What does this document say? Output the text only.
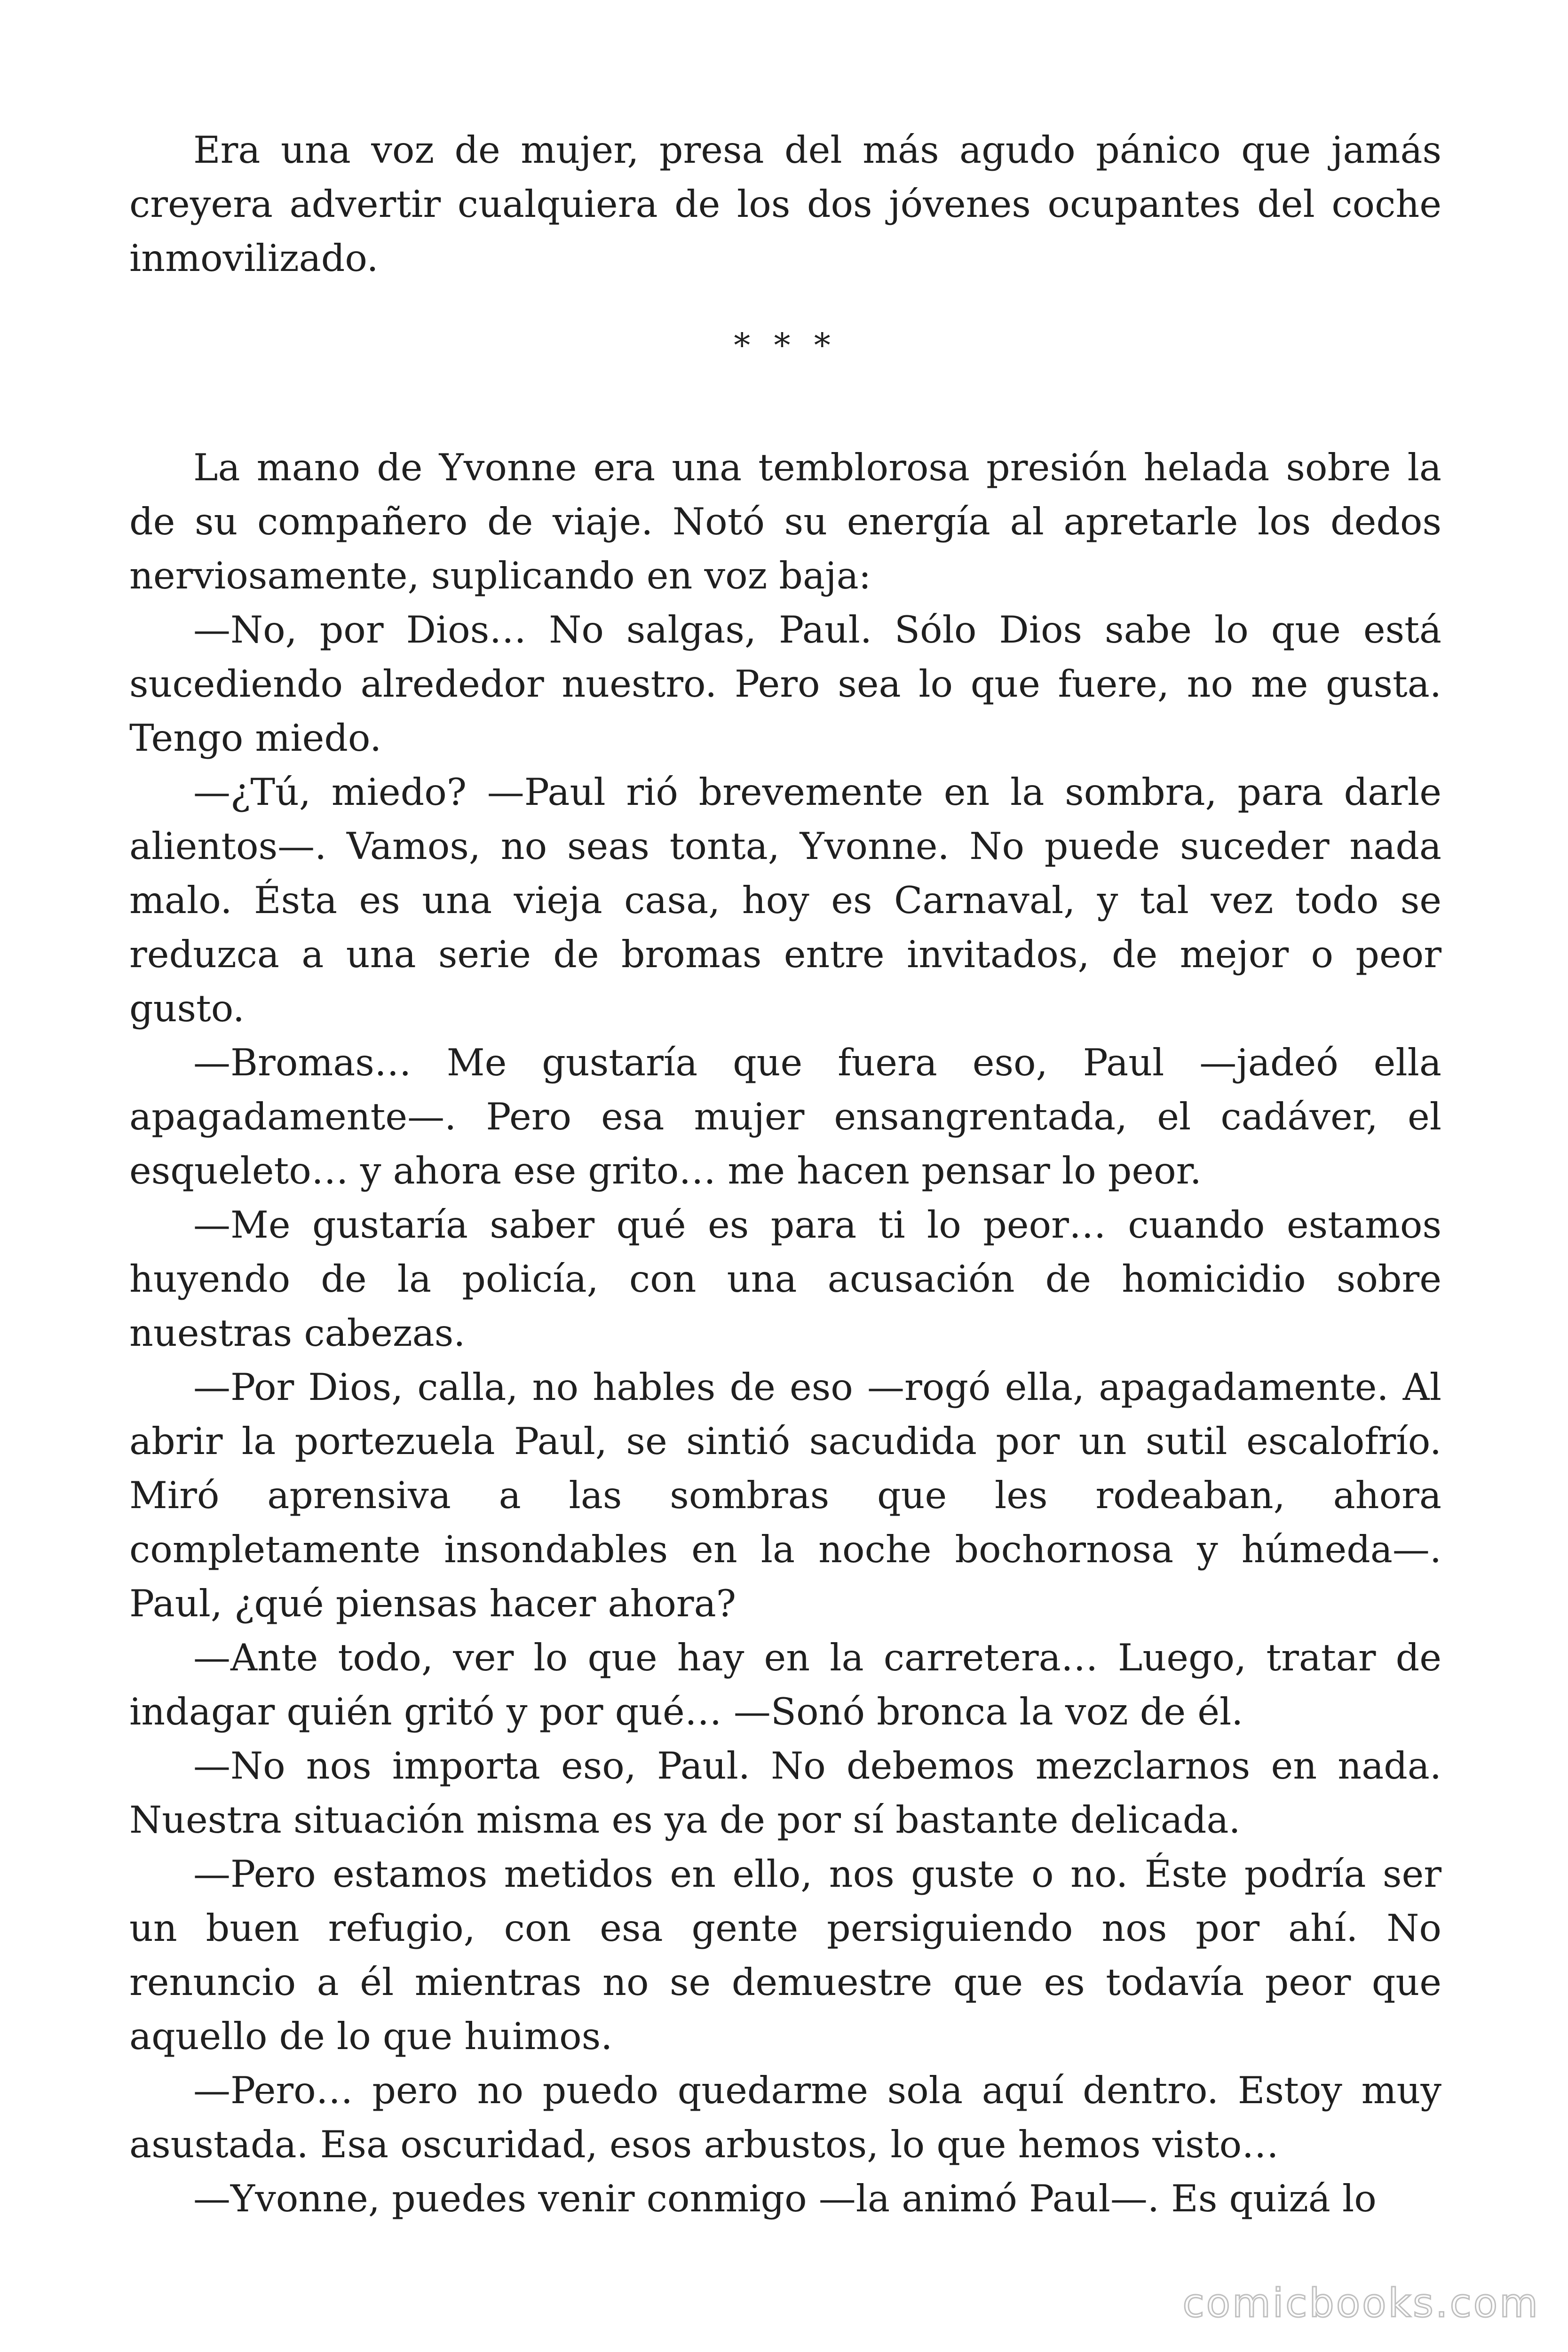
Era una voz de mujer, presa del más agudo pánico que jamás creyera advertir cualquiera de los dos jóvenes ocupantes del coche inmovilizado.

* * *

La mano de Yvonne era una temblorosa presión helada sobre la de su compañero de viaje. Notó su energía al apretarle los dedos nerviosamente, suplicando en voz baja:

—No, por Dios… No salgas, Paul. Sólo Dios sabe lo que está sucediendo alrededor nuestro. Pero sea lo que fuere, no me gusta. Tengo miedo.

—¿Tú, miedo? —Paul rió brevemente en la sombra, para darle alientos—. Vamos, no seas tonta, Yvonne. No puede suceder nada malo. Ésta es una vieja casa, hoy es Carnaval, y tal vez todo se reduzca a una serie de bromas entre invitados, de mejor o peor gusto.

—Bromas… Me gustaría que fuera eso, Paul —jadeó ella apagadamente—. Pero esa mujer ensangrentada, el cadáver, el esqueleto… y ahora ese grito… me hacen pensar lo peor.

—Me gustaría saber qué es para ti lo peor… cuando estamos huyendo de la policía, con una acusación de homicidio sobre nuestras cabezas.

—Por Dios, calla, no hables de eso —rogó ella, apagadamente. Al abrir la portezuela Paul, se sintió sacudida por un sutil escalofrío. Miró aprensiva a las sombras que les rodeaban, ahora completamente insondables en la noche bochornosa y húmeda—. Paul, ¿qué piensas hacer ahora?

—Ante todo, ver lo que hay en la carretera… Luego, tratar de indagar quién gritó y por qué… —Sonó bronca la voz de él.

—No nos importa eso, Paul. No debemos mezclarnos en nada. Nuestra situación misma es ya de por sí bastante delicada.

—Pero estamos metidos en ello, nos guste o no. Éste podría ser un buen refugio, con esa gente persiguiendo nos por ahí. No renuncio a él mientras no se demuestre que es todavía peor que aquello de lo que huimos.

—Pero… pero no puedo quedarme sola aquí dentro. Estoy muy asustada. Esa oscuridad, esos arbustos, lo que hemos visto…

—Yvonne, puedes venir conmigo —la animó Paul—. Es quizá lo

comicbooks.com
